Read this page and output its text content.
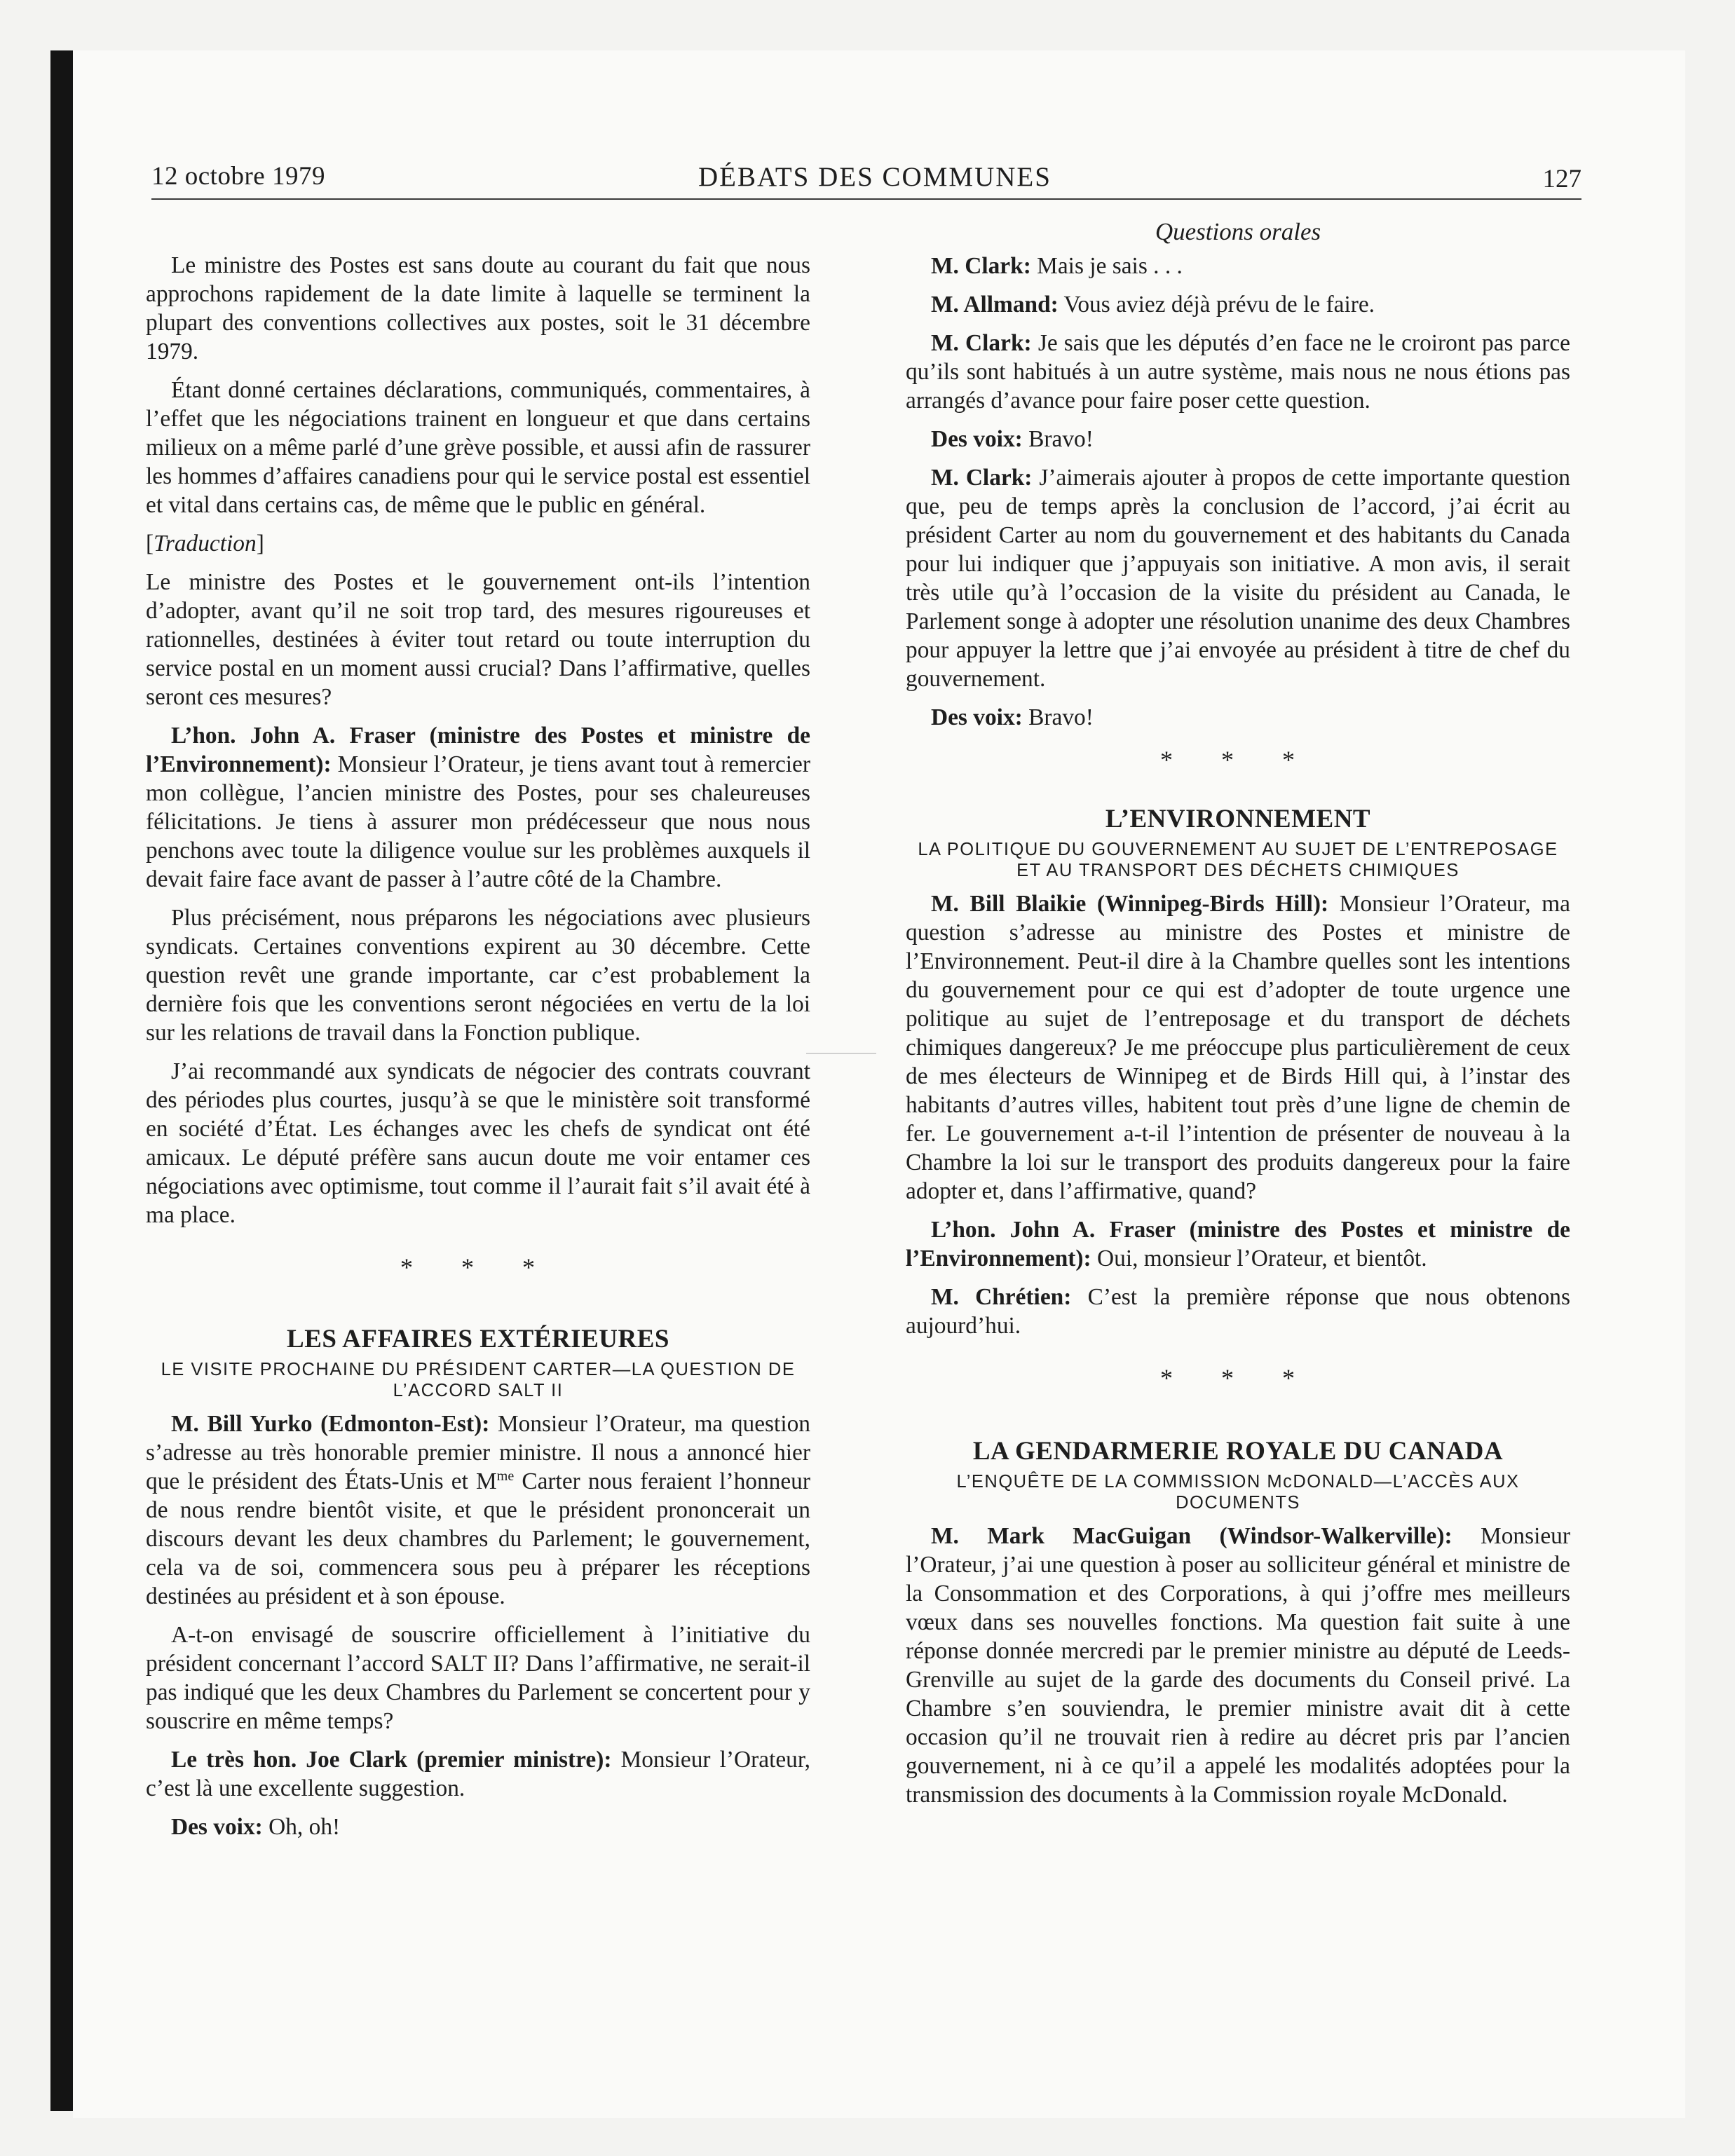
12 octobre 1979	DÉBATS DES COMMUNES	127

Le ministre des Postes est sans doute au courant du fait que nous approchons rapidement de la date limite à laquelle se terminent la plupart des conventions collectives aux postes, soit le 31 décembre 1979.

Étant donné certaines déclarations, communiqués, commentaires, à l’effet que les négociations trainent en longueur et que dans certains milieux on a même parlé d’une grève possible, et aussi afin de rassurer les hommes d’affaires canadiens pour qui le service postal est essentiel et vital dans certains cas, de même que le public en général.

[Traduction]

Le ministre des Postes et le gouvernement ont-ils l’intention d’adopter, avant qu’il ne soit trop tard, des mesures rigoureuses et rationnelles, destinées à éviter tout retard ou toute interruption du service postal en un moment aussi crucial? Dans l’affirmative, quelles seront ces mesures?

L’hon. John A. Fraser (ministre des Postes et ministre de l’Environnement): Monsieur l’Orateur, je tiens avant tout à remercier mon collègue, l’ancien ministre des Postes, pour ses chaleureuses félicitations. Je tiens à assurer mon prédécesseur que nous nous penchons avec toute la diligence voulue sur les problèmes auxquels il devait faire face avant de passer à l’autre côté de la Chambre.

Plus précisément, nous préparons les négociations avec plusieurs syndicats. Certaines conventions expirent au 30 décembre. Cette question revêt une grande importante, car c’est probablement la dernière fois que les conventions seront négociées en vertu de la loi sur les relations de travail dans la Fonction publique.

J’ai recommandé aux syndicats de négocier des contrats couvrant des périodes plus courtes, jusqu’à se que le ministère soit transformé en société d’État. Les échanges avec les chefs de syndicat ont été amicaux. Le député préfère sans aucun doute me voir entamer ces négociations avec optimisme, tout comme il l’aurait fait s’il avait été à ma place.

* * *
LES AFFAIRES EXTÉRIEURES
LE VISITE PROCHAINE DU PRÉSIDENT CARTER—LA QUESTION DE L’ACCORD SALT II

M. Bill Yurko (Edmonton-Est): Monsieur l’Orateur, ma question s’adresse au très honorable premier ministre. Il nous a annoncé hier que le président des États-Unis et $M^{me}$ Carter nous feraient l’honneur de nous rendre bientôt visite, et que le président prononcerait un discours devant les deux chambres du Parlement; le gouvernement, cela va de soi, commencera sous peu à préparer les réceptions destinées au président et à son épouse.

A-t-on envisagé de souscrire officiellement à l’initiative du président concernant l’accord SALT II? Dans l’affirmative, ne serait-il pas indiqué que les deux Chambres du Parlement se concertent pour y souscrire en même temps?

Le très hon. Joe Clark (premier ministre): Monsieur l’Orateur, c’est là une excellente suggestion.

Des voix: Oh, oh!

Questions orales

M. Clark: Mais je sais . . .

M. Allmand: Vous aviez déjà prévu de le faire.

M. Clark: Je sais que les députés d’en face ne le croiront pas parce qu’ils sont habitués à un autre système, mais nous ne nous étions pas arrangés d’avance pour faire poser cette question.

Des voix: Bravo!

M. Clark: J’aimerais ajouter à propos de cette importante question que, peu de temps après la conclusion de l’accord, j’ai écrit au président Carter au nom du gouvernement et des habitants du Canada pour lui indiquer que j’appuyais son initiative. A mon avis, il serait très utile qu’à l’occasion de la visite du président au Canada, le Parlement songe à adopter une résolution unanime des deux Chambres pour appuyer la lettre que j’ai envoyée au président à titre de chef du gouvernement.

Des voix: Bravo!

* * *
L’ENVIRONNEMENT
LA POLITIQUE DU GOUVERNEMENT AU SUJET DE L’ENTREPOSAGE ET AU TRANSPORT DES DÉCHETS CHIMIQUES

M. Bill Blaikie (Winnipeg-Birds Hill): Monsieur l’Orateur, ma question s’adresse au ministre des Postes et ministre de l’Environnement. Peut-il dire à la Chambre quelles sont les intentions du gouvernement pour ce qui est d’adopter de toute urgence une politique au sujet de l’entreposage et du transport de déchets chimiques dangereux? Je me préoccupe plus particulièrement de ceux de mes électeurs de Winnipeg et de Birds Hill qui, à l’instar des habitants d’autres villes, habitent tout près d’une ligne de chemin de fer. Le gouvernement a-t-il l’intention de présenter de nouveau à la Chambre la loi sur le transport des produits dangereux pour la faire adopter et, dans l’affirmative, quand?

L’hon. John A. Fraser (ministre des Postes et ministre de l’Environnement): Oui, monsieur l’Orateur, et bientôt.

M. Chrétien: C’est la première réponse que nous obtenons aujourd’hui.

* * *
LA GENDARMERIE ROYALE DU CANADA
L’ENQUÊTE DE LA COMMISSION McDONALD—L’ACCÈS AUX DOCUMENTS

M. Mark MacGuigan (Windsor-Walkerville): Monsieur l’Orateur, j’ai une question à poser au solliciteur général et ministre de la Consommation et des Corporations, à qui j’offre mes meilleurs vœux dans ses nouvelles fonctions. Ma question fait suite à une réponse donnée mercredi par le premier ministre au député de Leeds-Grenville au sujet de la garde des documents du Conseil privé. La Chambre s’en souviendra, le premier ministre avait dit à cette occasion qu’il ne trouvait rien à redire au décret pris par l’ancien gouvernement, ni à ce qu’il a appelé les modalités adoptées pour la transmission des documents à la Commission royale McDonald.
